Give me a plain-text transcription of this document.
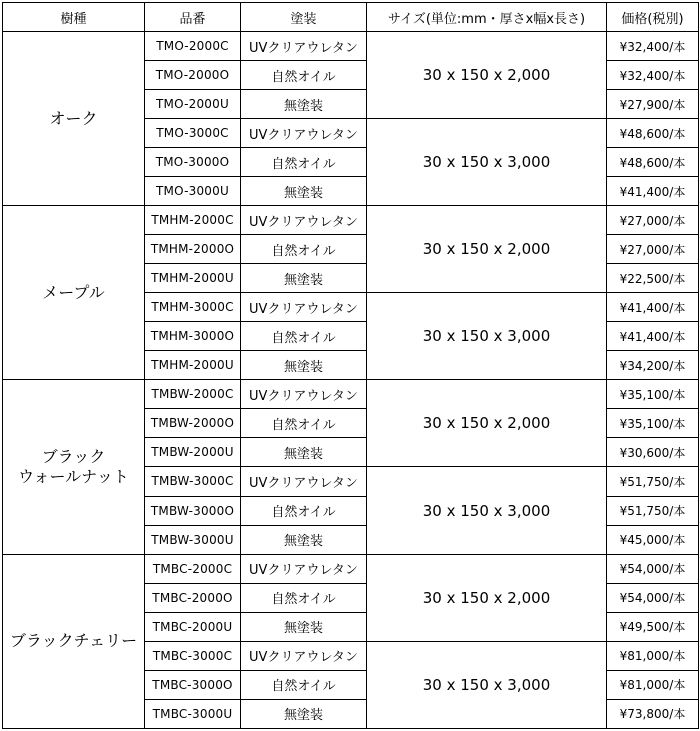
樹種	品番	塗装	サイズ(単位:mm・厚さx幅x長さ)	価格(税別)

オーク	TMO-2000C	UVクリアウレタン	30 x 150 x 2,000	¥32,400/本
	TMO-2000O	自然オイル		¥32,400/本
	TMO-2000U	無塗装		¥27,900/本
	TMO-3000C	UVクリアウレタン	30 x 150 x 3,000	¥48,600/本
	TMO-3000O	自然オイル		¥48,600/本
	TMO-3000U	無塗装		¥41,400/本

メープル	TMHM-2000C	UVクリアウレタン	30 x 150 x 2,000	¥27,000/本
	TMHM-2000O	自然オイル		¥27,000/本
	TMHM-2000U	無塗装		¥22,500/本
	TMHM-3000C	UVクリアウレタン	30 x 150 x 3,000	¥41,400/本
	TMHM-3000O	自然オイル		¥41,400/本
	TMHM-2000U	無塗装		¥34,200/本

ブラック
ウォールナット	TMBW-2000C	UVクリアウレタン	30 x 150 x 2,000	¥35,100/本
	TMBW-2000O	自然オイル		¥35,100/本
	TMBW-2000U	無塗装		¥30,600/本
	TMBW-3000C	UVクリアウレタン	30 x 150 x 3,000	¥51,750/本
	TMBW-3000O	自然オイル		¥51,750/本
	TMBW-3000U	無塗装		¥45,000/本

ブラックチェリー	TMBC-2000C	UVクリアウレタン	30 x 150 x 2,000	¥54,000/本
	TMBC-2000O	自然オイル		¥54,000/本
	TMBC-2000U	無塗装		¥49,500/本
	TMBC-3000C	UVクリアウレタン	30 x 150 x 3,000	¥81,000/本
	TMBC-3000O	自然オイル		¥81,000/本
	TMBC-3000U	無塗装		¥73,800/本
